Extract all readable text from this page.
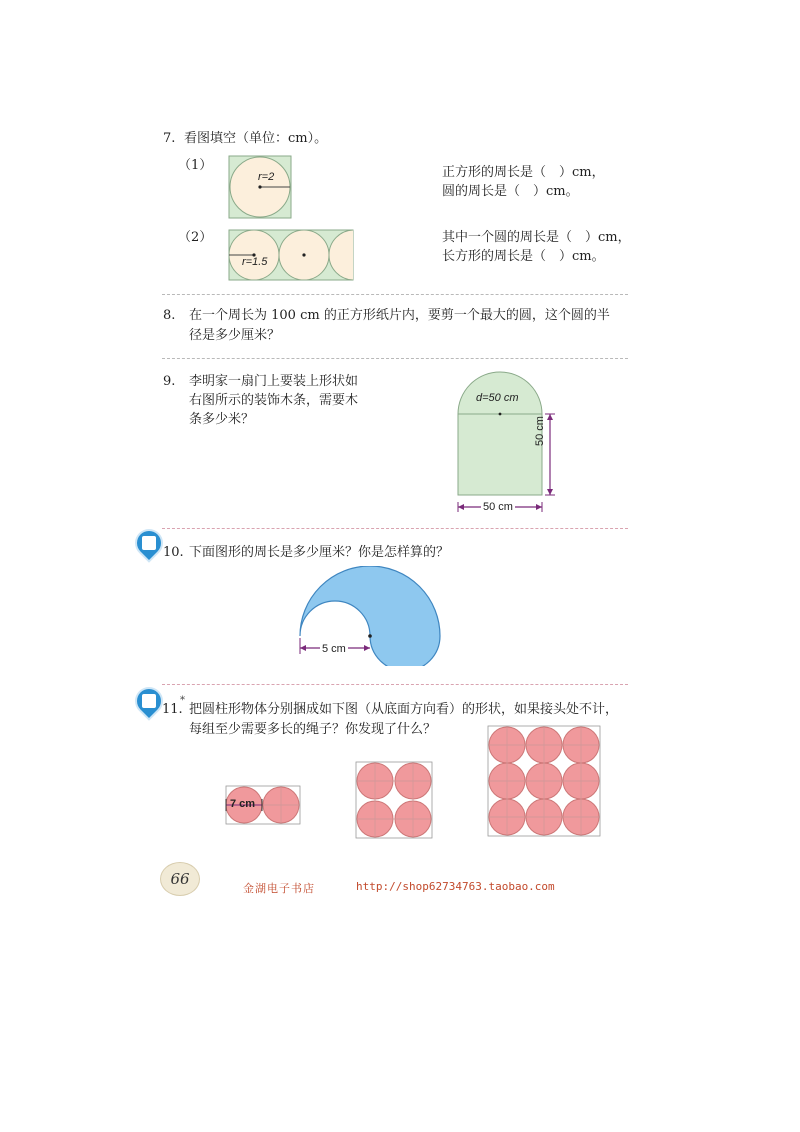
7. 看图填空（单位：cm）。
（1）
r=2	正方形的周长是（　）cm，
圆的周长是（　）cm。
（2）
r=1.5
其中一个圆的周长是（　）cm，
长方形的周长是（　）cm。
8. 在一个周长为 100 cm 的正方形纸片内，要剪一个最大的圆，这个圆的半
径是多少厘米？
9. 李明家一扇门上要装上形状如
右图所示的装饰木条，需要木
条多少米？
d=50 cm
50 cm
50 cm
10. 下面图形的周长是多少厘米？你是怎样算的？
5 cm
11.
*
把圆柱形物体分别捆成如下图（从底面方向看）的形状，如果接头处不计，
每组至少需要多长的绳子？你发现了什么？
7 cm
66
金湖电子书店	http://shop62734763.taobao.com
